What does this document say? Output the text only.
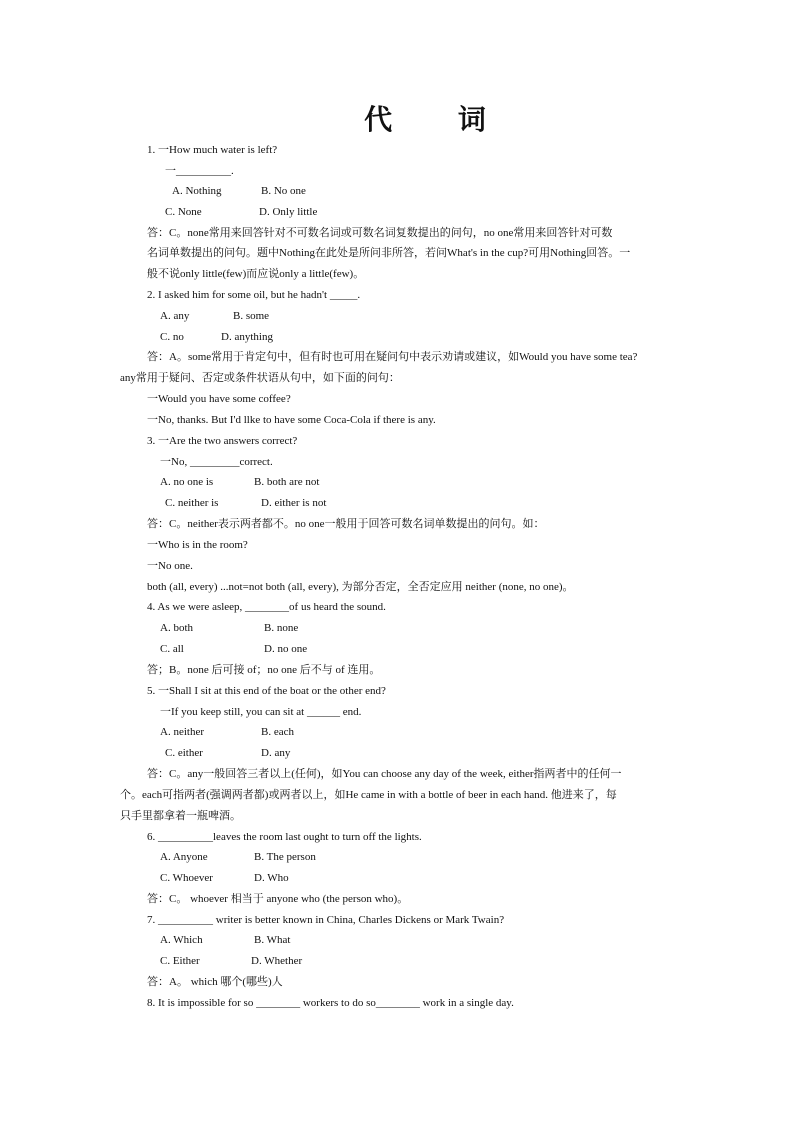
代 词
1. 一How much water is left?
一__________.
A. Nothing	B. No one
C. None	D. Only little
答：C。none常用来回答针对不可数名词或可数名词复数提出的问句，no one常用来回答针对可数
名词单数提出的问句。题中Nothing在此处是所问非所答，若问What's in the cup?可用Nothing回答。一
般不说only little(few)而应说only a little(few)。
2. I asked him for some oil, but he hadn't _____.
A. any	B. some
C. no	D. anything
答：A。some常用于肯定句中，但有时也可用在疑问句中表示劝请或建议，如Would you have some tea?
any常用于疑问、否定或条件状语从句中，如下面的问句：
一Would you have some coffee?
一No, thanks. But I'd llke to have some Coca-Cola if there is any.
3. 一Are the two answers correct?
一No, _________correct.
A. no one is	B. both are not
C. neither is	D. either is not
答：C。neither表示两者都不。no one一般用于回答可数名词单数提出的问句。如：
一Who is in the room?
一No one.
both (all, every) ...not=not both (all, every), 为部分否定，全否定应用 neither (none, no one)。
4. As we were asleep, ________of us heard the sound.
A. both	B. none
C. all	D. no one
答；B。none 后可接 of；no one 后不与 of 连用。
5. 一Shall I sit at this end of the boat or the other end?
一If you keep still, you can sit at ______ end.
A. neither	B. each
C. either	D. any
答：C。any一般回答三者以上(任何)，如You can choose any day of the week, either指两者中的任何一
个。each可指两者(强调两者都)或两者以上，如He came in with a bottle of beer in each hand. 他进来了，每
只手里都拿着一瓶啤酒。
6. __________leaves the room last ought to turn off the lights.
A. Anyone	B. The person
C. Whoever	D. Who
答：C。 whoever 相当于 anyone who (the person who)。
7. __________ writer is better known in China, Charles Dickens or Mark Twain?
A. Which	B. What
C. Either	D. Whether
答：A。 which 哪个(哪些)人
8. It is impossible for so ________ workers to do so________ work in a single day.
